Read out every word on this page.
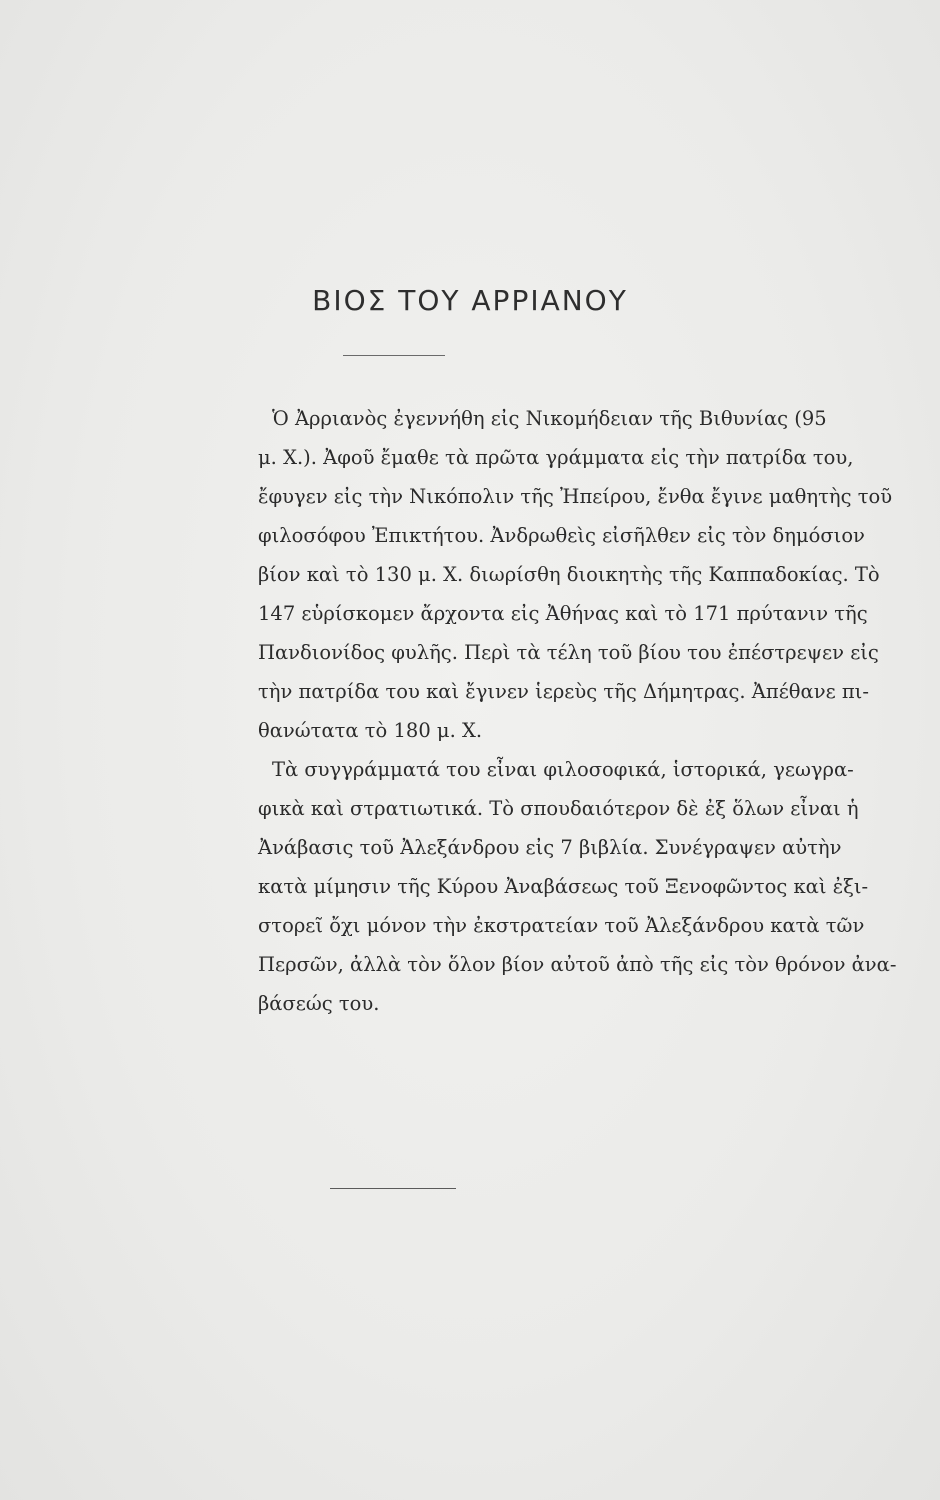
ΒΙΟΣ ΤΟΥ ΑΡΡΙΑΝΟΥ
Ὁ Ἀρριανὸς ἐγεννήθη εἰς Νικομήδειαν τῆς Βιθυνίας (95
μ. Χ.). Ἀφοῦ ἔμαθε τὰ πρῶτα γράμματα εἰς τὴν πατρίδα του,
ἔφυγεν εἰς τὴν Νικόπολιν τῆς Ἠπείρου, ἔνθα ἔγινε μαθητὴς τοῦ
φιλοσόφου Ἐπικτήτου. Ἀνδρωθεὶς εἰσῆλθεν εἰς τὸν δημόσιον
βίον καὶ τὸ 130 μ. Χ. διωρίσθη διοικητὴς τῆς Καππαδοκίας. Τὸ
147 εὑρίσκομεν ἄρχοντα εἰς Ἀθήνας καὶ τὸ 171 πρύτανιν τῆς
Πανδιονίδος φυλῆς. Περὶ τὰ τέλη τοῦ βίου του ἐπέστρεψεν εἰς
τὴν πατρίδα του καὶ ἔγινεν ἱερεὺς τῆς Δήμητρας. Ἀπέθανε πι-
θανώτατα τὸ 180 μ. Χ.
Τὰ συγγράμματά του εἶναι φιλοσοφικά, ἱστορικά, γεωγρα-
φικὰ καὶ στρατιωτικά. Τὸ σπουδαιότερον δὲ ἐξ ὅλων εἶναι ἡ
Ἀνάβασις τοῦ Ἀλεξάνδρου εἰς 7 βιβλία. Συνέγραψεν αὐτὴν
κατὰ μίμησιν τῆς Κύρου Ἀναβάσεως τοῦ Ξενοφῶντος καὶ ἐξι-
στορεῖ ὄχι μόνον τὴν ἐκστρατείαν τοῦ Ἀλεξάνδρου κατὰ τῶν
Περσῶν, ἀλλὰ τὸν ὅλον βίον αὐτοῦ ἀπὸ τῆς εἰς τὸν θρόνον ἀνα-
βάσεώς του.
